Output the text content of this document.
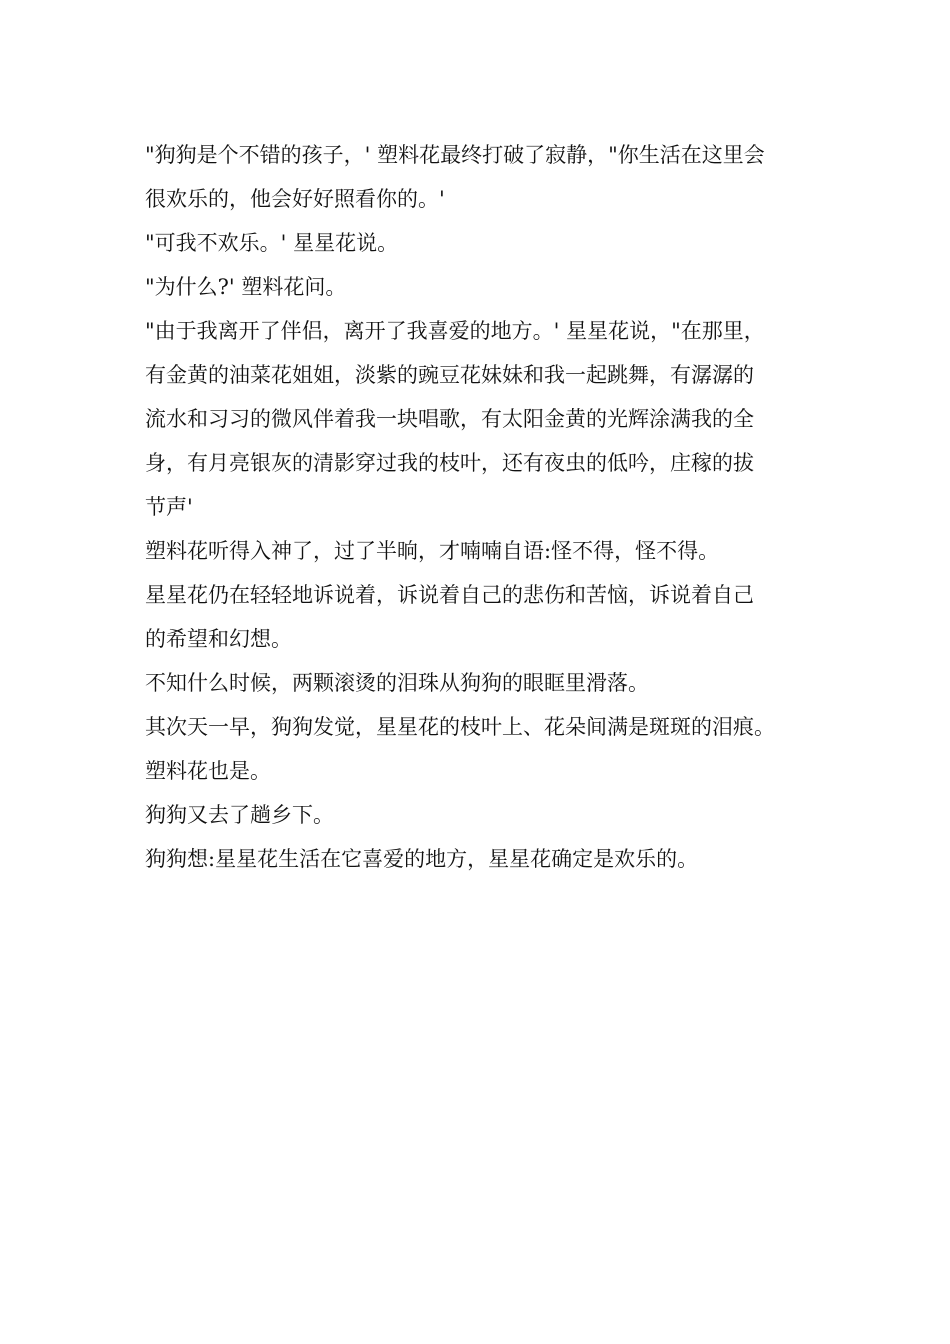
"狗狗是个不错的孩子，' 塑料花最终打破了寂静，"你生活在这里会
很欢乐的，他会好好照看你的。'

"可我不欢乐。' 星星花说。

"为什么?' 塑料花问。

"由于我离开了伴侣，离开了我喜爱的地方。' 星星花说，"在那里，
有金黄的油菜花姐姐，淡紫的豌豆花妹妹和我一起跳舞，有潺潺的
流水和习习的微风伴着我一块唱歌，有太阳金黄的光辉涂满我的全
身，有月亮银灰的清影穿过我的枝叶，还有夜虫的低吟，庄稼的拔
节声'

塑料花听得入神了，过了半晌，才喃喃自语:怪不得，怪不得。

星星花仍在轻轻地诉说着，诉说着自己的悲伤和苦恼，诉说着自己
的希望和幻想。

不知什么时候，两颗滚烫的泪珠从狗狗的眼眶里滑落。

其次天一早，狗狗发觉，星星花的枝叶上、花朵间满是斑斑的泪痕。

塑料花也是。

狗狗又去了趟乡下。

狗狗想:星星花生活在它喜爱的地方，星星花确定是欢乐的。
